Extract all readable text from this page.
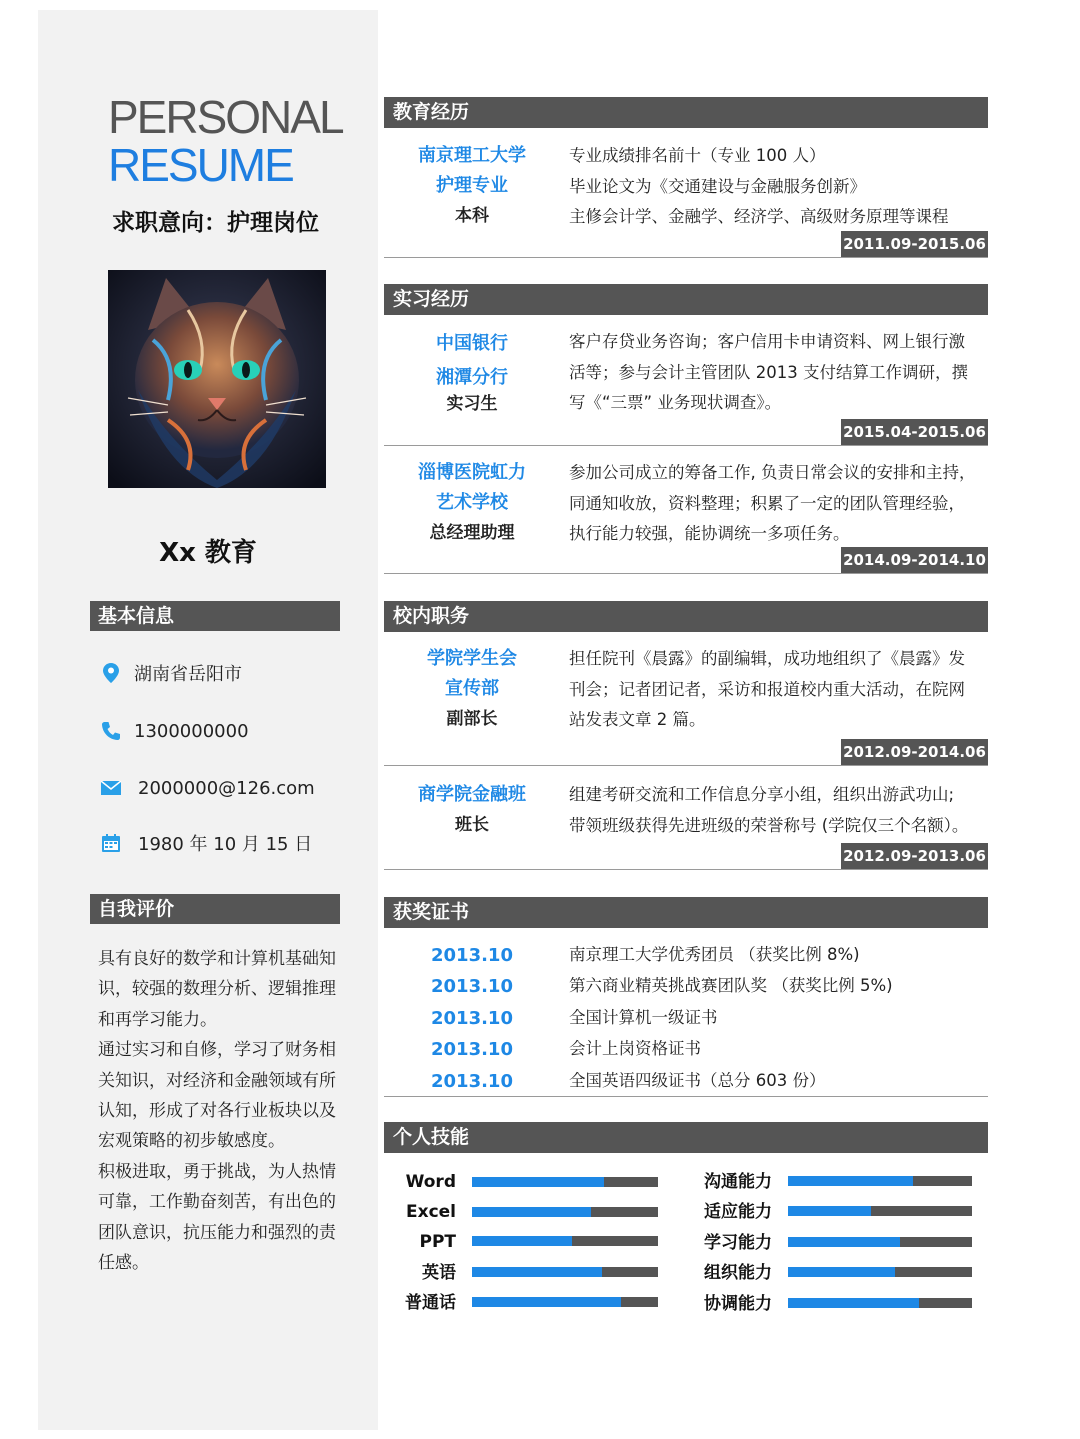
PERSONAL
RESUME
求职意向：护理岗位
Xx 教育
基本信息
湖南省岳阳市
1300000000
2000000@126.com
1980 年 10 月 15 日
自我评价

具有良好的数学和计算机基础知识，较强的数理分析、逻辑推理和再学习能力。

通过实习和自修，学习了财务相关知识，对经济和金融领域有所认知，形成了对各行业板块以及宏观策略的初步敏感度。

积极进取，勇于挑战，为人热情可靠，工作勤奋刻苦，有出色的团队意识，抗压能力和强烈的责任感。

教育经历
南京理工大学
护理专业
本科
专业成绩排名前十（专业 100 人）
毕业论文为《交通建设与金融服务创新》
主修会计学、金融学、经济学、高级财务原理等课程
2011.09-2015.06
实习经历
中国银行
湘潭分行
实习生
客户存贷业务咨询；客户信用卡申请资料、网上银行激
活等；参与会计主管团队 2013 支付结算工作调研，撰
写《“三票” 业务现状调查》。
2015.04-2015.06
淄博医院虹力
艺术学校
总经理助理
参加公司成立的筹备工作, 负责日常会议的安排和主持，
同通知收放，资料整理；积累了一定的团队管理经验，
执行能力较强，能协调统一多项任务。
2014.09-2014.10
校内职务
学院学生会
宣传部
副部长
担任院刊《晨露》的副编辑，成功地组织了《晨露》发
刊会；记者团记者，采访和报道校内重大活动，在院网
站发表文章 2 篇。
2012.09-2014.06
商学院金融班
班长
组建考研交流和工作信息分享小组，组织出游武功山;
带领班级获得先进班级的荣誉称号 (学院仅三个名额）。
2012.09-2013.06
获奖证书
2013.10	南京理工大学优秀团员 （获奖比例 8%)
2013.10	第六商业精英挑战赛团队奖 （获奖比例 5%)
2013.10	全国计算机一级证书
2013.10	会计上岗资格证书
2013.10	全国英语四级证书（总分 603 份）
个人技能
Word
Excel
PPT
英语
普通话
沟通能力
适应能力
学习能力
组织能力
协调能力
